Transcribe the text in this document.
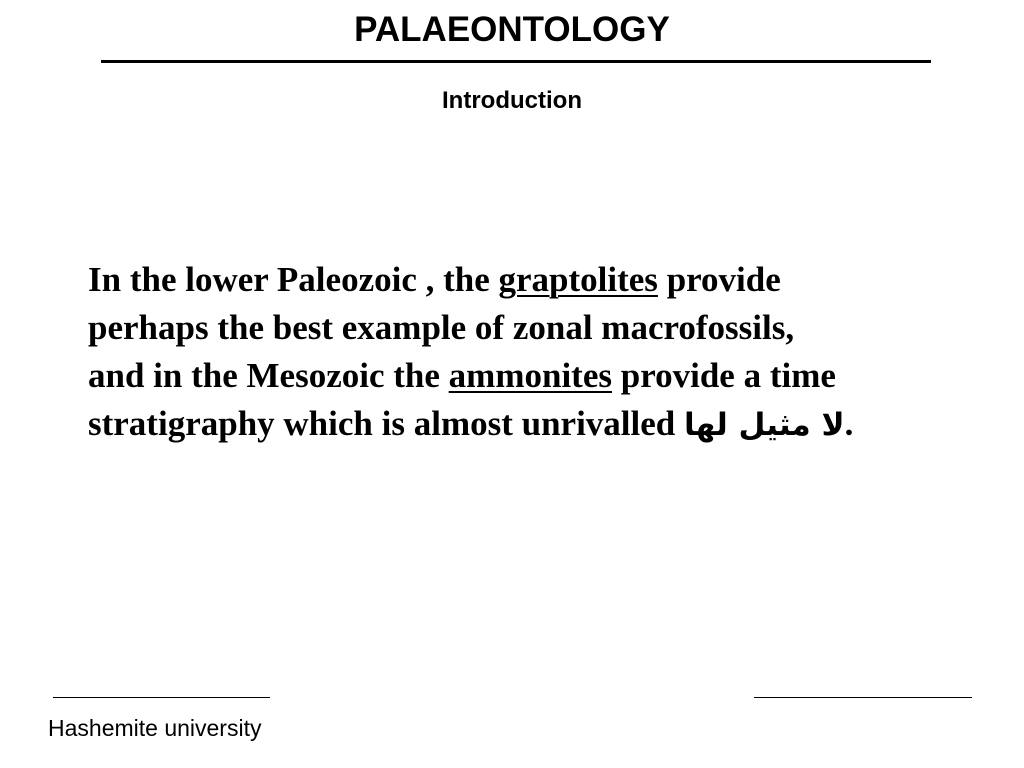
PALAEONTOLOGY
Introduction
In the lower Paleozoic , the graptolites provide
perhaps the best example of zonal macrofossils,
and in the Mesozoic the ammonites provide a time
stratigraphy which is almost unrivalled لا مثيل لها.
Hashemite university
